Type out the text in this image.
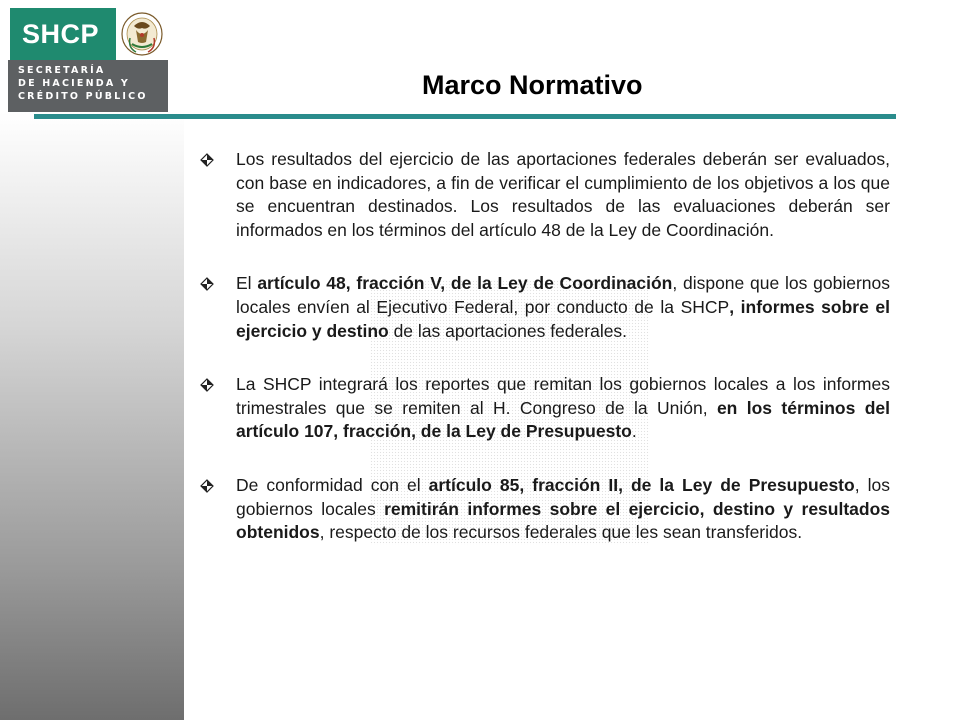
SHCP
SECRETARÍA
DE HACIENDA Y
CRÉDITO PÚBLICO	Marco Normativo
Los resultados del ejercicio de las aportaciones federales deberán ser evaluados, con base en indicadores, a fin de verificar el cumplimiento de los objetivos a los que se encuentran destinados. Los resultados de las evaluaciones deberán ser informados en los términos del artículo 48 de la Ley de Coordinación.
El artículo 48, fracción V, de la Ley de Coordinación, dispone que los gobiernos locales envíen al Ejecutivo Federal, por conducto de la SHCP, informes sobre el ejercicio y destino de las aportaciones federales.
La SHCP integrará los reportes que remitan los gobiernos locales a los informes trimestrales que se remiten al H. Congreso de la Unión, en los términos del artículo 107, fracción, de la Ley de Presupuesto.
De conformidad con el artículo 85, fracción II, de la Ley de Presupuesto, los gobiernos locales remitirán informes sobre el ejercicio, destino y resultados obtenidos, respecto de los recursos federales que les sean transferidos.
